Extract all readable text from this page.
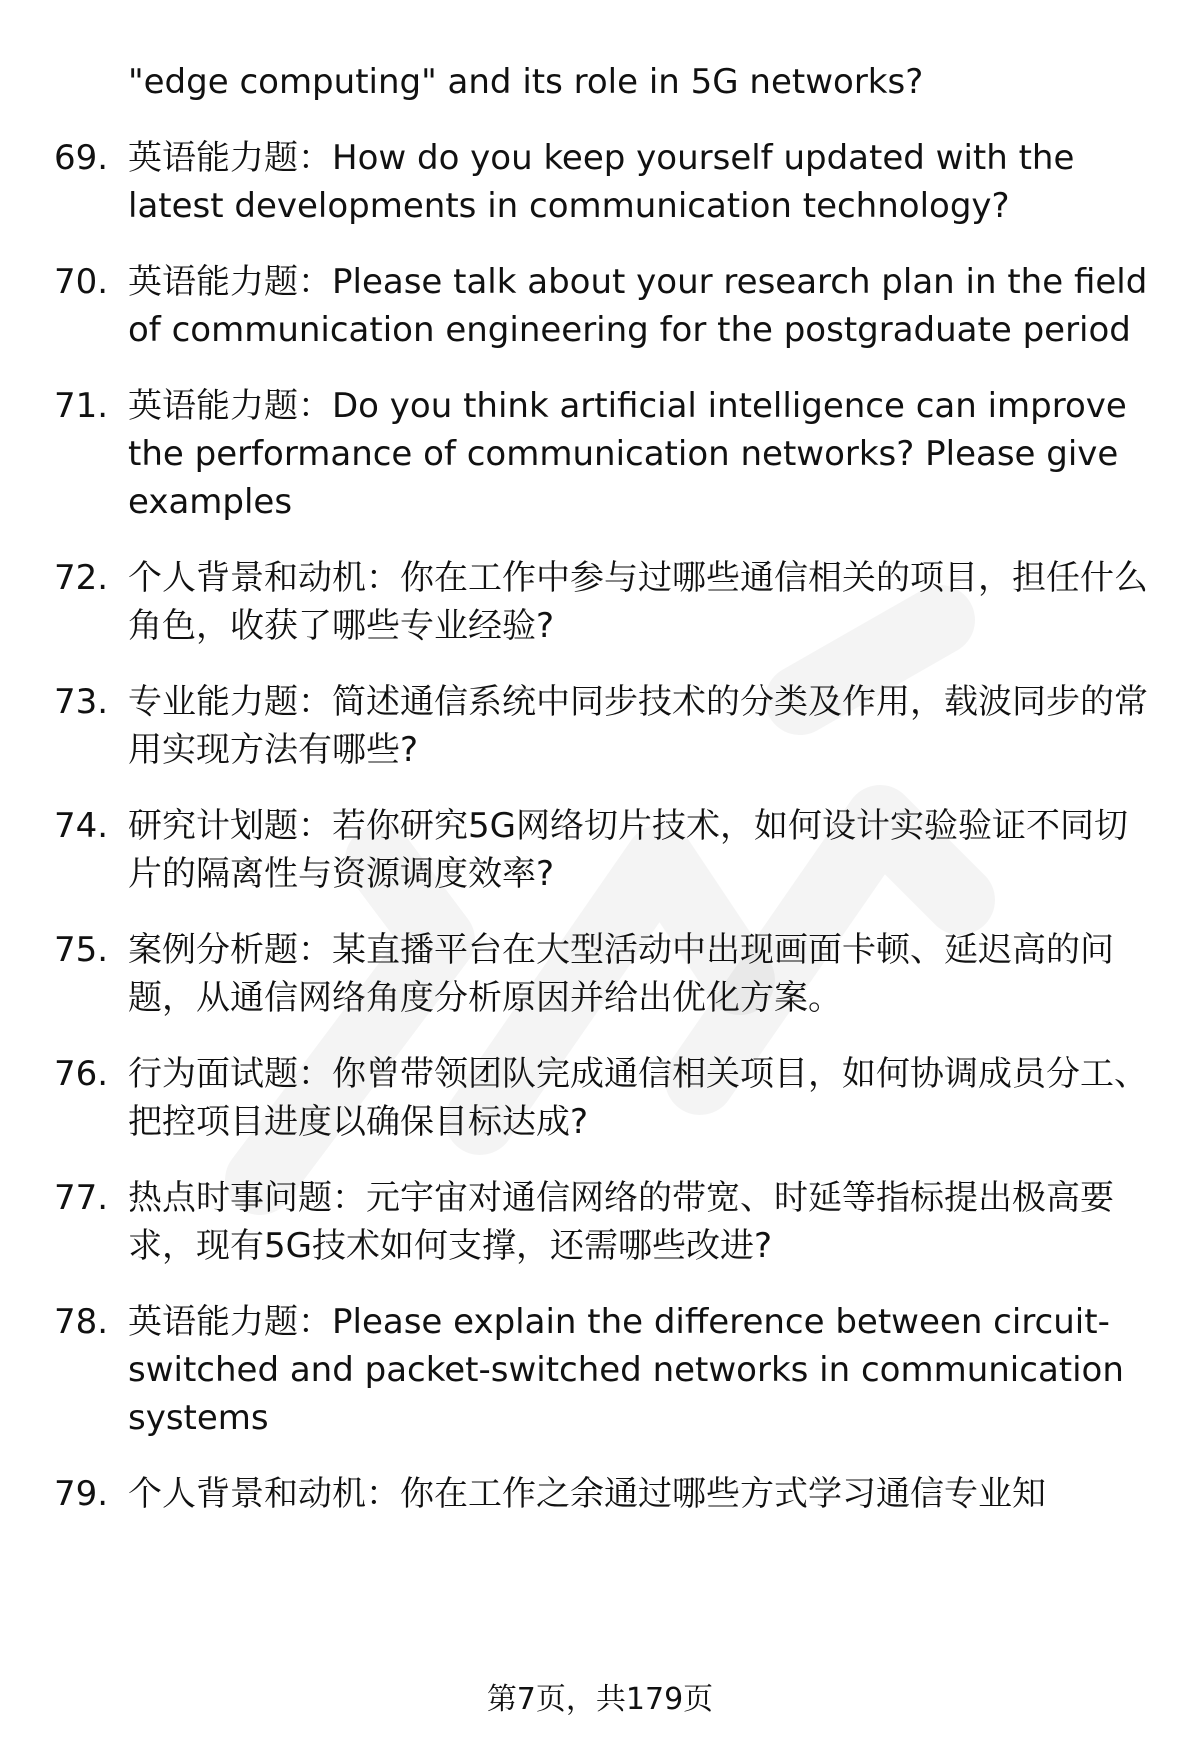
"edge computing" and its role in 5G networks?
69. 英语能力题：How do you keep yourself updated with the latest developments in communication technology?
70. 英语能力题：Please talk about your research plan in the field of communication engineering for the postgraduate period
71. 英语能力题：Do you think artificial intelligence can improve the performance of communication networks? Please give examples
72. 个人背景和动机：你在工作中参与过哪些通信相关的项目，担任什么角色，收获了哪些专业经验?
73. 专业能力题：简述通信系统中同步技术的分类及作用，载波同步的常用实现方法有哪些?
74. 研究计划题：若你研究5G网络切片技术，如何设计实验验证不同切片的隔离性与资源调度效率?
75. 案例分析题：某直播平台在大型活动中出现画面卡顿、延迟高的问题，从通信网络角度分析原因并给出优化方案。
76. 行为面试题：你曾带领团队完成通信相关项目，如何协调成员分工、把控项目进度以确保目标达成?
77. 热点时事问题：元宇宙对通信网络的带宽、时延等指标提出极高要求，现有5G技术如何支撑，还需哪些改进?
78. 英语能力题：Please explain the difference between circuit-switched and packet-switched networks in communication systems
79. 个人背景和动机：你在工作之余通过哪些方式学习通信专业知
第7页，共179页
